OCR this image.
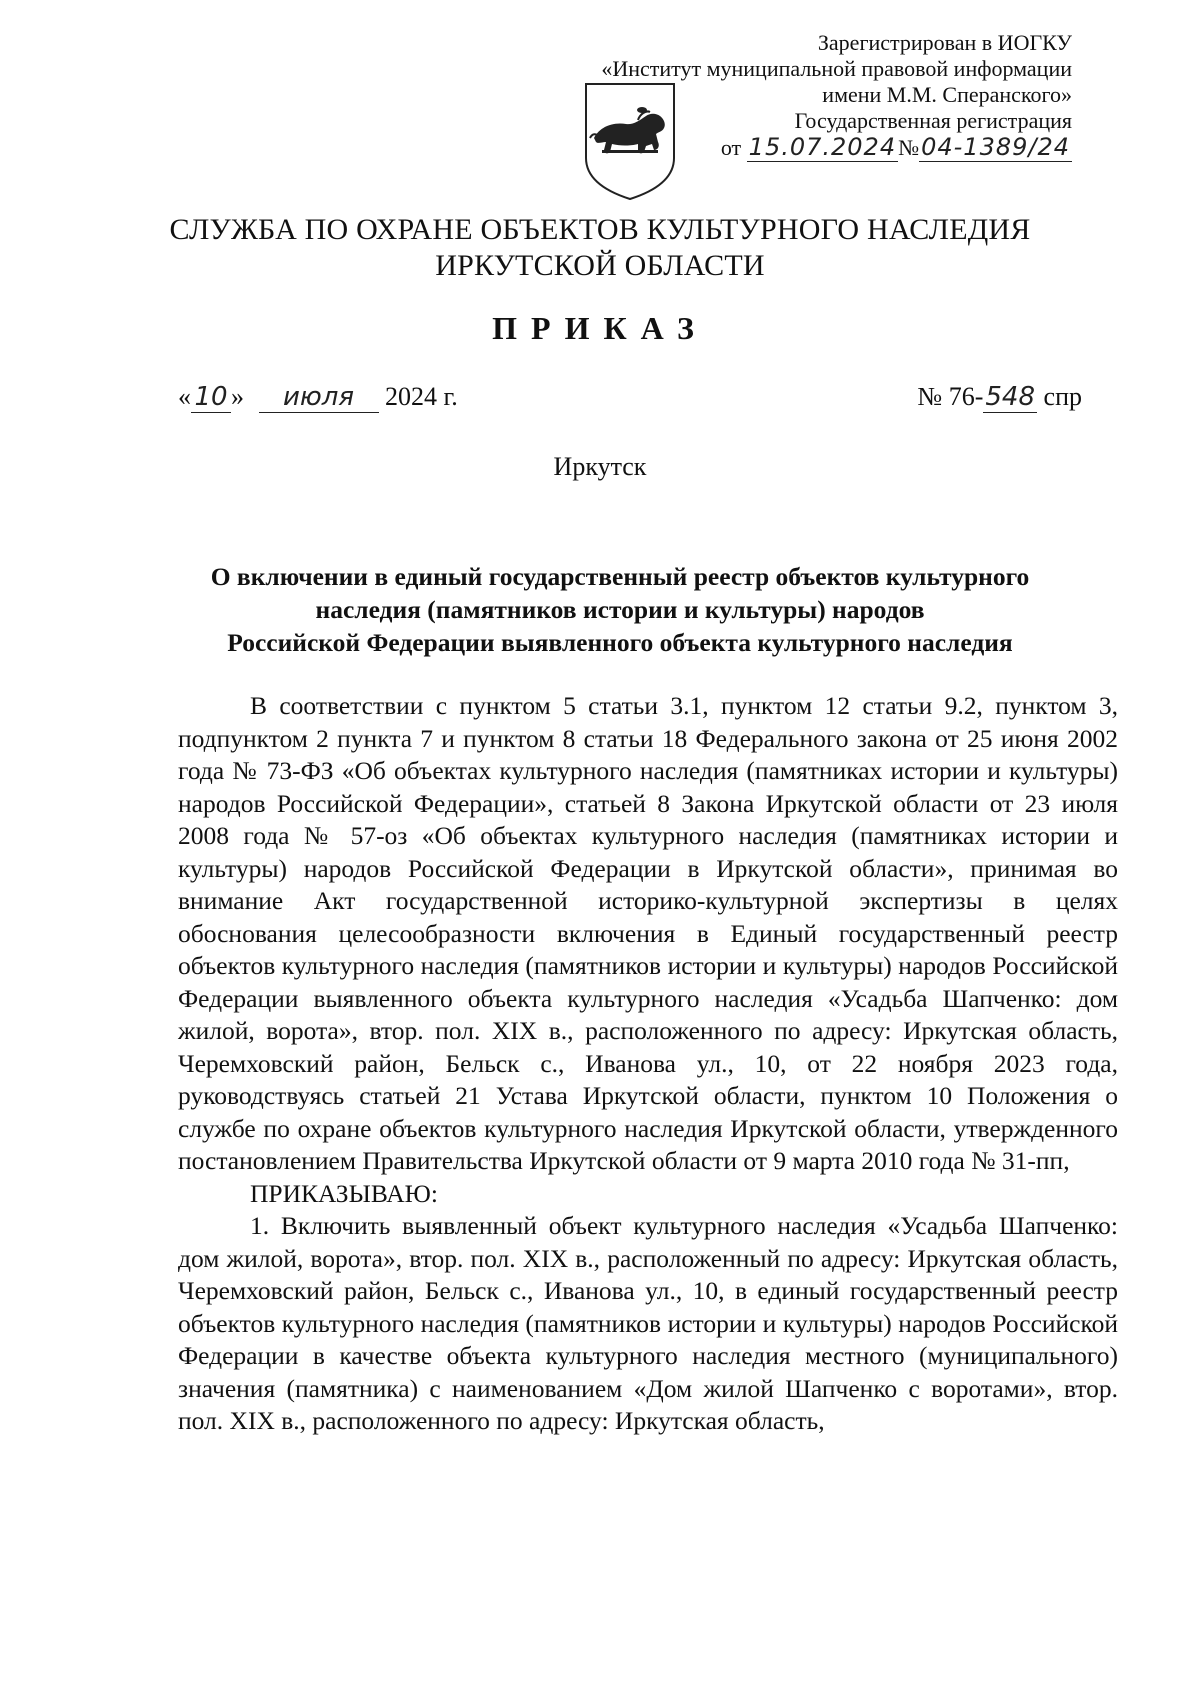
Зарегистрирован в ИОГКУ
«Институт муниципальной правовой информации
имени М.М. Сперанского»
Государственная регистрация
от 15.07.2024№04-1389/24
СЛУЖБА ПО ОХРАНЕ ОБЪЕКТОВ КУЛЬТУРНОГО НАСЛЕДИЯ
ИРКУТСКОЙ ОБЛАСТИ
ПРИКАЗ
« 10 » июля 2024 г.	№ 76-548 спр
Иркутск
О включении в единый государственный реестр объектов культурного
наследия (памятников истории и культуры) народов
Российской Федерации выявленного объекта культурного наследия

В соответствии с пунктом 5 статьи 3.1, пунктом 12 статьи 9.2, пунктом 3, подпунктом 2 пункта 7 и пунктом 8 статьи 18 Федерального закона от 25 июня 2002 года № 73-ФЗ «Об объектах культурного наследия (памятниках истории и культуры) народов Российской Федерации», статьей 8 Закона Иркутской области от 23 июля 2008 года № 57-оз «Об объектах культурного наследия (памятниках истории и культуры) народов Российской Федерации в Иркутской области», принимая во внимание Акт государственной историко-культурной экспертизы в целях обоснования целесообразности включения в Единый государственный реестр объектов культурного наследия (памятников истории и культуры) народов Российской Федерации выявленного объекта культурного наследия «Усадьба Шапченко: дом жилой, ворота», втор. пол. XIX в., расположенного по адресу: Иркутская область, Черемховский район, Бельск с., Иванова ул., 10, от 22 ноября 2023 года, руководствуясь статьей 21 Устава Иркутской области, пунктом 10 Положения о службе по охране объектов культурного наследия Иркутской области, утвержденного постановлением Правительства Иркутской области от 9 марта 2010 года № 31-пп,

ПРИКАЗЫВАЮ:

1. Включить выявленный объект культурного наследия «Усадьба Шапченко: дом жилой, ворота», втор. пол. XIX в., расположенный по адресу: Иркутская область, Черемховский район, Бельск с., Иванова ул., 10, в единый государственный реестр объектов культурного наследия (памятников истории и культуры) народов Российской Федерации в качестве объекта культурного наследия местного (муниципального) значения (памятника) с наименованием «Дом жилой Шапченко с воротами», втор. пол. XIX в., расположенного по адресу: Иркутская область,
